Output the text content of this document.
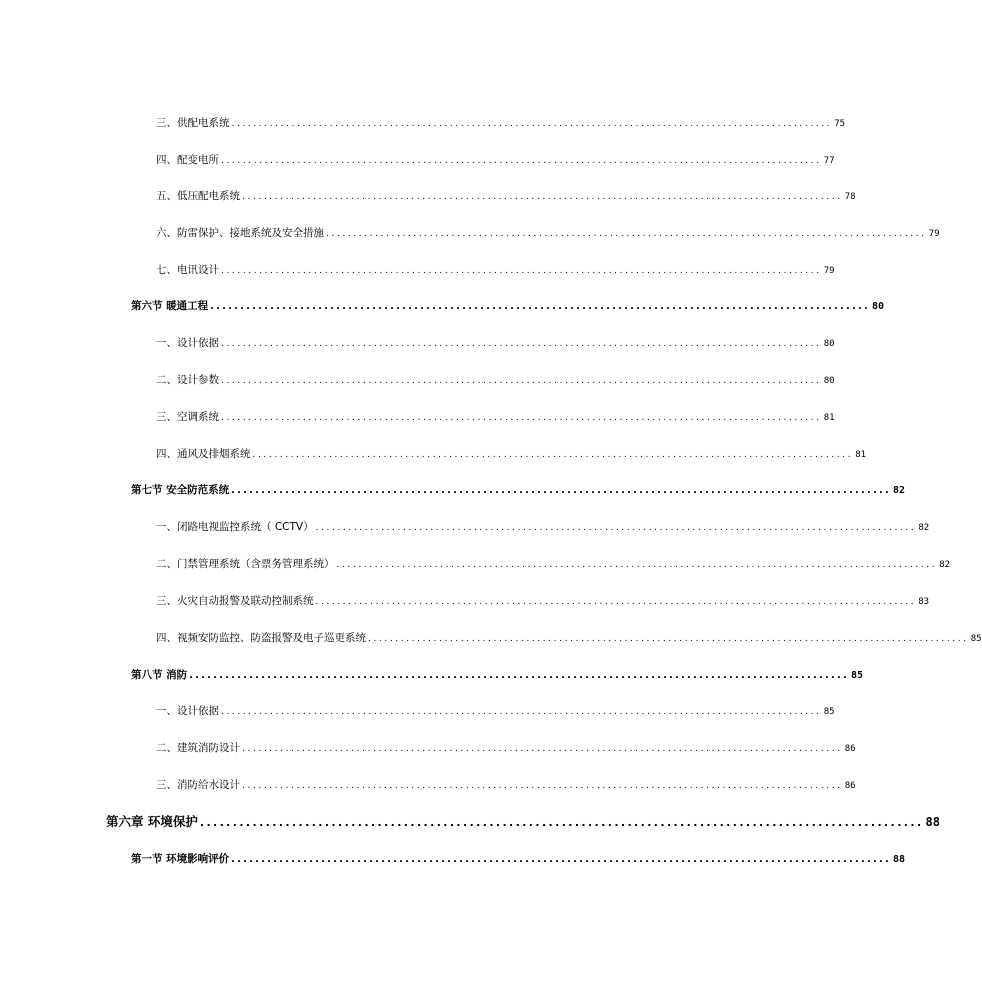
三、供配电系统 .............................................................................................................. 75
四、配变电所 .............................................................................................................. 77
五、低压配电系统 .............................................................................................................. 78
六、防雷保护、接地系统及安全措施 .............................................................................................................. 79
七、电讯设计 .............................................................................................................. 79
第六节 暖通工程 .............................................................................................................. 80
一、设计依据 .............................................................................................................. 80
二、设计参数 .............................................................................................................. 80
三、空调系统 .............................................................................................................. 81
四、通风及排烟系统 .............................................................................................................. 81
第七节 安全防范系统 .............................................................................................................. 82
一、闭路电视监控系统（ CCTV） .............................................................................................................. 82
二、门禁管理系统（含票务管理系统） .............................................................................................................. 82
三、火灾自动报警及联动控制系统 .............................................................................................................. 83
四、视频安防监控、防盗报警及电子巡更系统 .............................................................................................................. 85
第八节 消防 .............................................................................................................. 85
一、设计依据 .............................................................................................................. 85
二、建筑消防设计 .............................................................................................................. 86
三、消防给水设计 .............................................................................................................. 86
第六章 环境保护 .............................................................................................................. 88
第一节 环境影响评价 .............................................................................................................. 88
